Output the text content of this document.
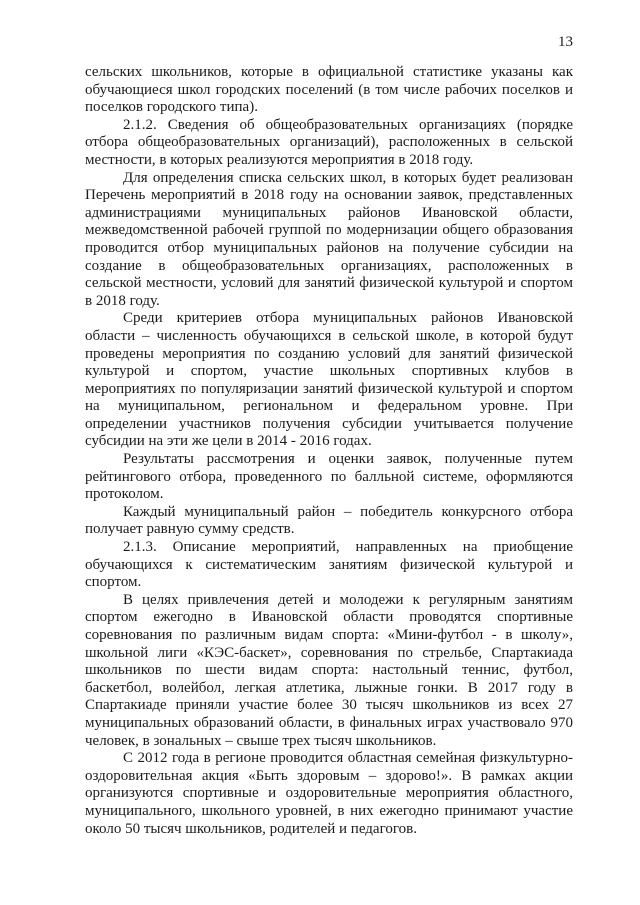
13
сельских школьников, которые в официальной статистике указаны как
обучающиеся школ городских поселений (в том числе рабочих поселков и
поселков городского типа).
2.1.2. Сведения об общеобразовательных организациях (порядке
отбора общеобразовательных организаций), расположенных в сельской
местности, в которых реализуются мероприятия в 2018 году.
Для определения списка сельских школ, в которых будет реализован
Перечень мероприятий в 2018 году на основании заявок, представленных
администрациями муниципальных районов Ивановской области,
межведомственной рабочей группой по модернизации общего образования
проводится отбор муниципальных районов на получение субсидии на
создание в общеобразовательных организациях, расположенных в
сельской местности, условий для занятий физической культурой и спортом
в 2018 году.
Среди критериев отбора муниципальных районов Ивановской
области – численность обучающихся в сельской школе, в которой будут
проведены мероприятия по созданию условий для занятий физической
культурой и спортом, участие школьных спортивных клубов в
мероприятиях по популяризации занятий физической культурой и спортом
на муниципальном, региональном и федеральном уровне. При
определении участников получения субсидии учитывается получение
субсидии на эти же цели в 2014 - 2016 годах.
Результаты рассмотрения и оценки заявок, полученные путем
рейтингового отбора, проведенного по балльной системе, оформляются
протоколом.
Каждый муниципальный район – победитель конкурсного отбора
получает равную сумму средств.
2.1.3. Описание мероприятий, направленных на приобщение
обучающихся к систематическим занятиям физической культурой и
спортом.
В целях привлечения детей и молодежи к регулярным занятиям
спортом ежегодно в Ивановской области проводятся спортивные
соревнования по различным видам спорта: «Мини-футбол - в школу»,
школьной лиги «КЭС-баскет», соревнования по стрельбе, Спартакиада
школьников по шести видам спорта: настольный теннис, футбол,
баскетбол, волейбол, легкая атлетика, лыжные гонки. В 2017 году в
Спартакиаде приняли участие более 30 тысяч школьников из всех 27
муниципальных образований области, в финальных играх участвовало 970
человек, в зональных – свыше трех тысяч школьников.
С 2012 года в регионе проводится областная семейная физкультурно-
оздоровительная акция «Быть здоровым – здорово!». В рамках акции
организуются спортивные и оздоровительные мероприятия областного,
муниципального, школьного уровней, в них ежегодно принимают участие
около 50 тысяч школьников, родителей и педагогов.
